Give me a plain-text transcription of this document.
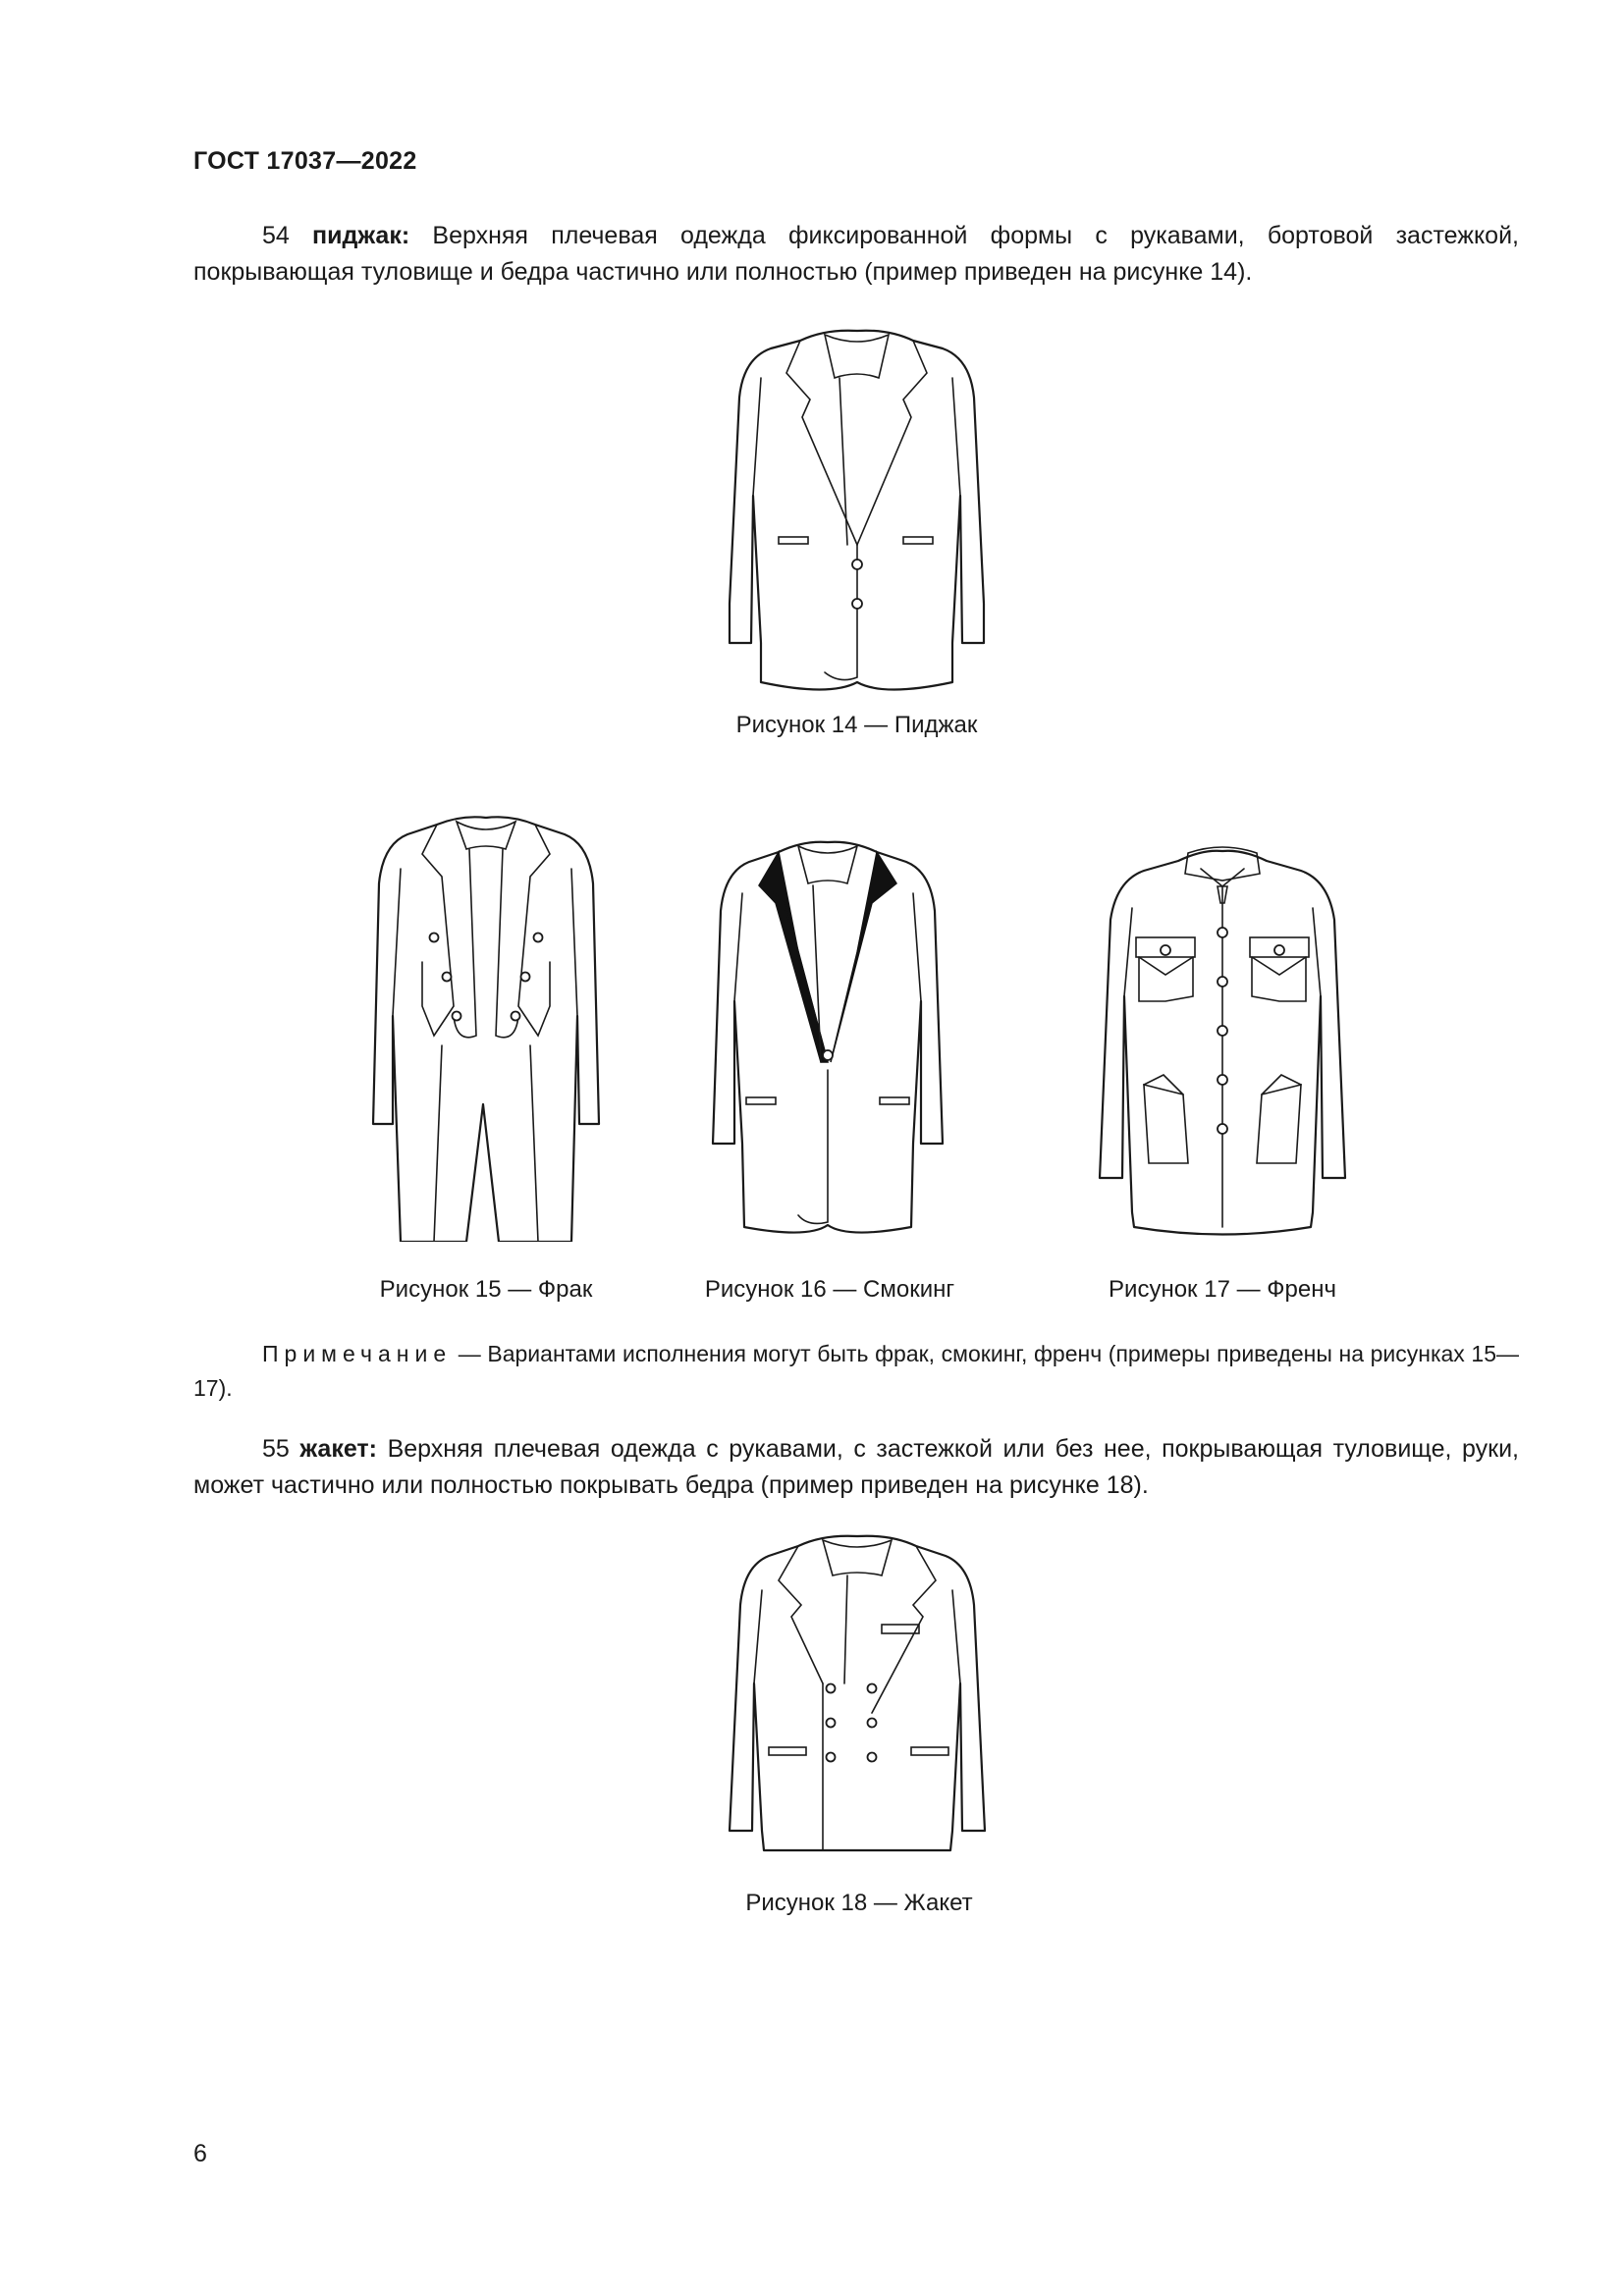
ГОСТ 17037—2022
54 пиджак: Верхняя плечевая одежда фиксированной формы с рукавами, бортовой застежкой, покрывающая туловище и бедра частично или полностью (пример приведен на рисунке 14).
Рисунок 14 — Пиджак
Рисунок 15 — Фрак	Рисунок 16 — Смокинг	Рисунок 17 — Френч
Примечание — Вариантами исполнения могут быть фрак, смокинг, френч (примеры приведены на рисунках 15—17).
55 жакет: Верхняя плечевая одежда с рукавами, с застежкой или без нее, покрывающая туловище, руки, может частично или полностью покрывать бедра (пример приведен на рисунке 18).
Рисунок 18 — Жакет
6
